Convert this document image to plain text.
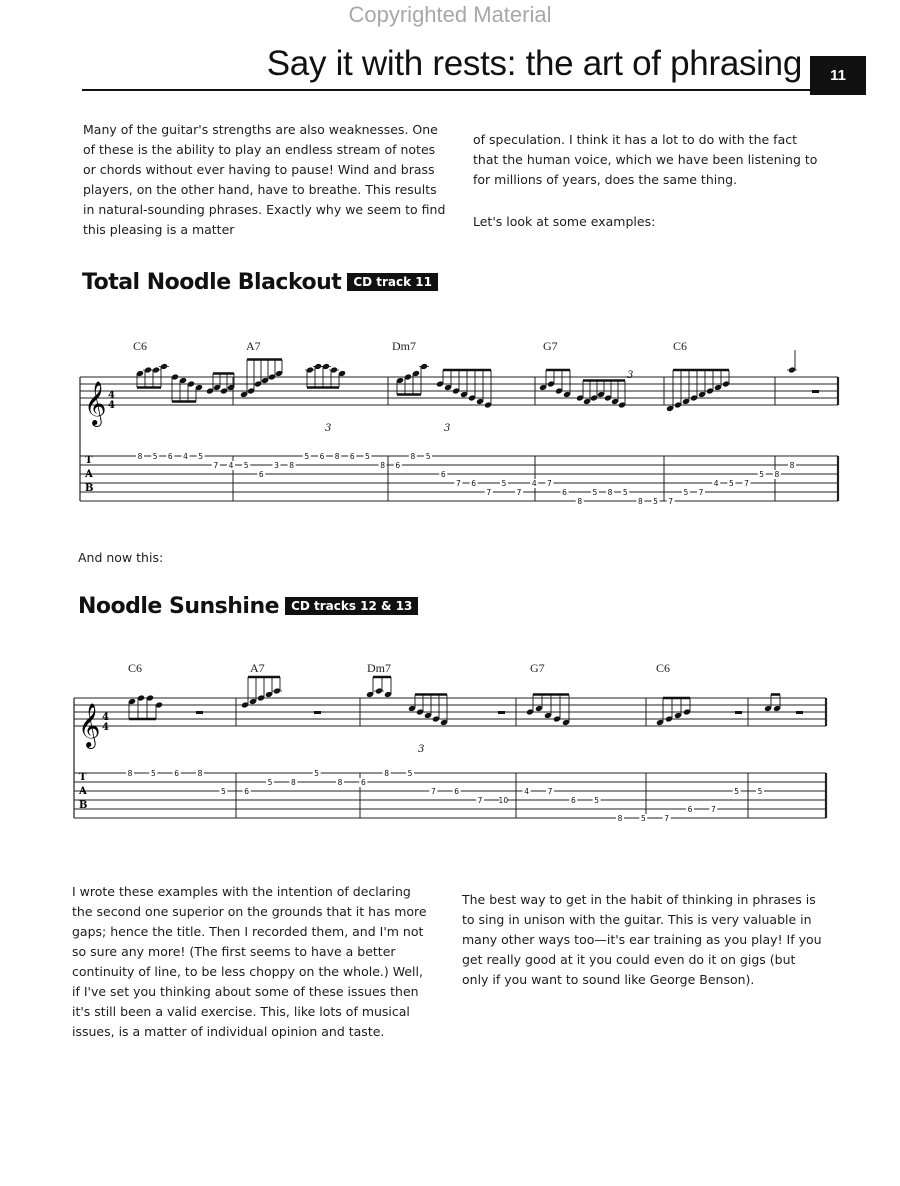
Copyrighted Material
Say it with rests: the art of phrasing	11

Many of the guitar's strengths are also weaknesses. One of these is the ability to play an endless stream of notes or chords without ever having to pause! Wind and brass players, on the other hand, have to breathe. This results in natural-sounding phrases. Exactly why we seem to find this pleasing is a matter

of speculation. I think it has a lot to do with the fact that the human voice, which we have been listening to for millions of years, does the same thing.

Let's look at some examples:

Total Noodle Blackout CD track 11
𝄞 4
4
C6	A7	Dm7	G7	C6
3	3
3
T
A
B
8 5 6 4 5
7 4 5
6
3 8
5 6 8 6 5
8 6
8 5
6
7 6
7
5
7
4 7
6
8
5 8 5
8 5 7
5 7
4 5 7
5 8
8
And now this:
Noodle Sunshine CD tracks 12 & 13
𝄞 4
4
C6	A7	Dm7	G7	C6
3
T
A
B
8 5 6 8
5 6
5 8
5
8 6
8 5
7 6
7 10
4 7
6 5
8 5 7
6 7
5 5

I wrote these examples with the intention of declaring the second one superior on the grounds that it has more gaps; hence the title. Then I recorded them, and I'm not so sure any more! (The first seems to have a better continuity of line, to be less choppy on the whole.) Well, if I've set you thinking about some of these issues then it's still been a valid exercise. This, like lots of musical issues, is a matter of individual opinion and taste.

The best way to get in the habit of thinking in phrases is to sing in unison with the guitar. This is very valuable in many other ways too—it's ear training as you play! If you get really good at it you could even do it on gigs (but only if you want to sound like George Benson).
